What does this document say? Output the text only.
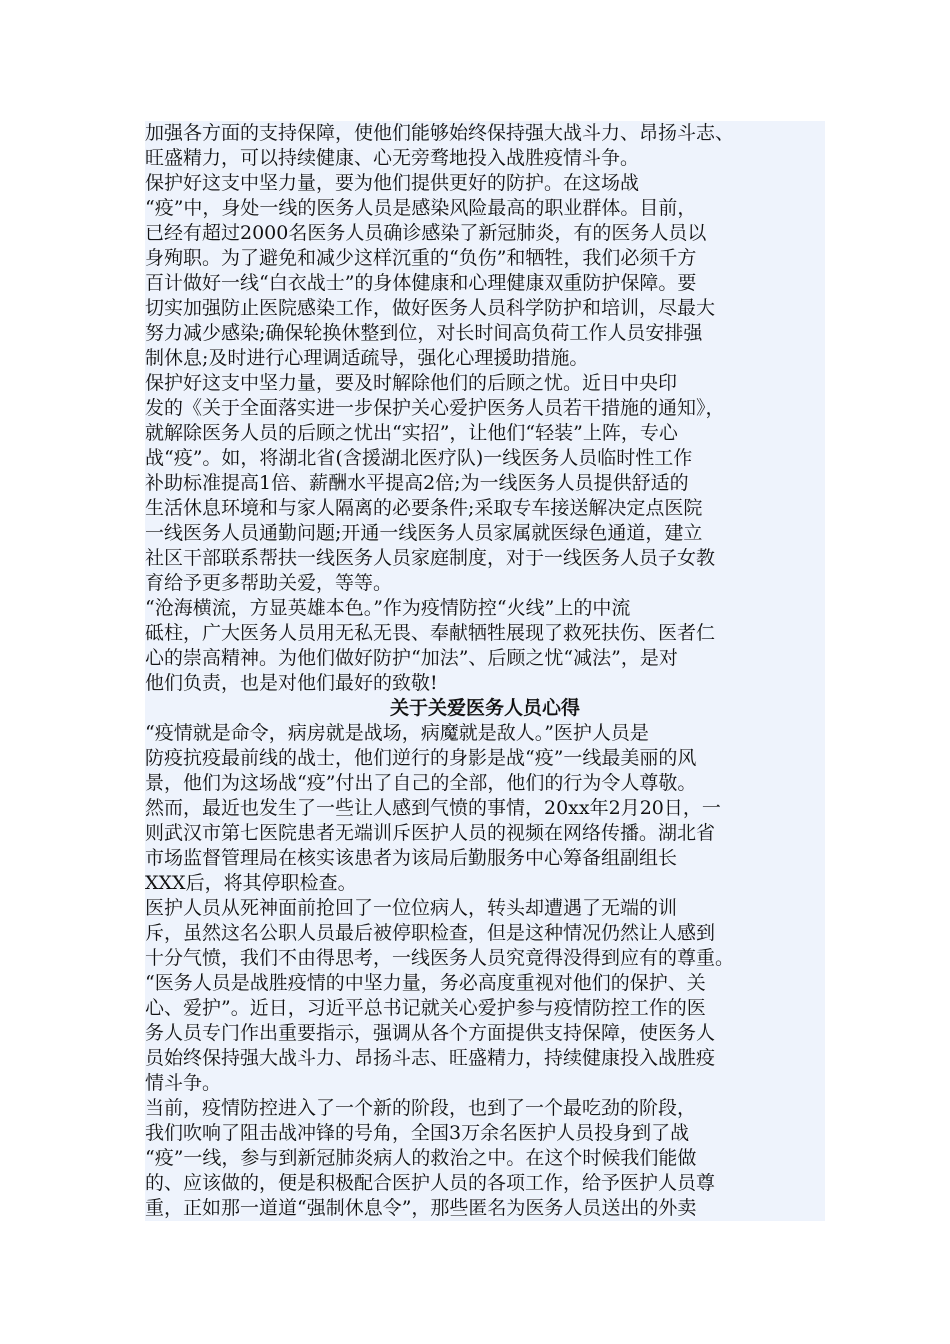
加强各方面的支持保障，使他们能够始终保持强大战斗力、昂扬斗志、
旺盛精力，可以持续健康、心无旁骛地投入战胜疫情斗争。
保护好这支中坚力量，要为他们提供更好的防护。在这场战
“疫”中，身处一线的医务人员是感染风险最高的职业群体。目前，
已经有超过2000名医务人员确诊感染了新冠肺炎，有的医务人员以
身殉职。为了避免和减少这样沉重的“负伤”和牺牲，我们必须千方
百计做好一线“白衣战士”的身体健康和心理健康双重防护保障。要
切实加强防止医院感染工作，做好医务人员科学防护和培训，尽最大
努力减少感染;确保轮换休整到位，对长时间高负荷工作人员安排强
制休息;及时进行心理调适疏导，强化心理援助措施。
保护好这支中坚力量，要及时解除他们的后顾之忧。近日中央印
发的《关于全面落实进一步保护关心爱护医务人员若干措施的通知》，
就解除医务人员的后顾之忧出“实招”，让他们“轻装”上阵，专心
战“疫”。如，将湖北省(含援湖北医疗队)一线医务人员临时性工作
补助标准提高1倍、薪酬水平提高2倍;为一线医务人员提供舒适的
生活休息环境和与家人隔离的必要条件;采取专车接送解决定点医院
一线医务人员通勤问题;开通一线医务人员家属就医绿色通道，建立
社区干部联系帮扶一线医务人员家庭制度，对于一线医务人员子女教
育给予更多帮助关爱，等等。
“沧海横流，方显英雄本色。”作为疫情防控“火线”上的中流
砥柱，广大医务人员用无私无畏、奉献牺牲展现了救死扶伤、医者仁
心的崇高精神。为他们做好防护“加法”、后顾之忧“减法”，是对
他们负责，也是对他们最好的致敬!
关于关爱医务人员心得
“疫情就是命令，病房就是战场，病魔就是敌人。”医护人员是
防疫抗疫最前线的战士，他们逆行的身影是战“疫”一线最美丽的风
景，他们为这场战“疫”付出了自己的全部，他们的行为令人尊敬。
然而，最近也发生了一些让人感到气愤的事情，20xx年2月20日，一
则武汉市第七医院患者无端训斥医护人员的视频在网络传播。湖北省
市场监督管理局在核实该患者为该局后勤服务中心筹备组副组长
XXX后，将其停职检查。
医护人员从死神面前抢回了一位位病人，转头却遭遇了无端的训
斥，虽然这名公职人员最后被停职检查，但是这种情况仍然让人感到
十分气愤，我们不由得思考，一线医务人员究竟得没得到应有的尊重。
“医务人员是战胜疫情的中坚力量，务必高度重视对他们的保护、关
心、爱护”。近日，习近平总书记就关心爱护参与疫情防控工作的医
务人员专门作出重要指示，强调从各个方面提供支持保障，使医务人
员始终保持强大战斗力、昂扬斗志、旺盛精力，持续健康投入战胜疫
情斗争。
当前，疫情防控进入了一个新的阶段，也到了一个最吃劲的阶段，
我们吹响了阻击战冲锋的号角，全国3万余名医护人员投身到了战
“疫”一线，参与到新冠肺炎病人的救治之中。在这个时候我们能做
的、应该做的，便是积极配合医护人员的各项工作，给予医护人员尊
重，正如那一道道“强制休息令”，那些匿名为医务人员送出的外卖
